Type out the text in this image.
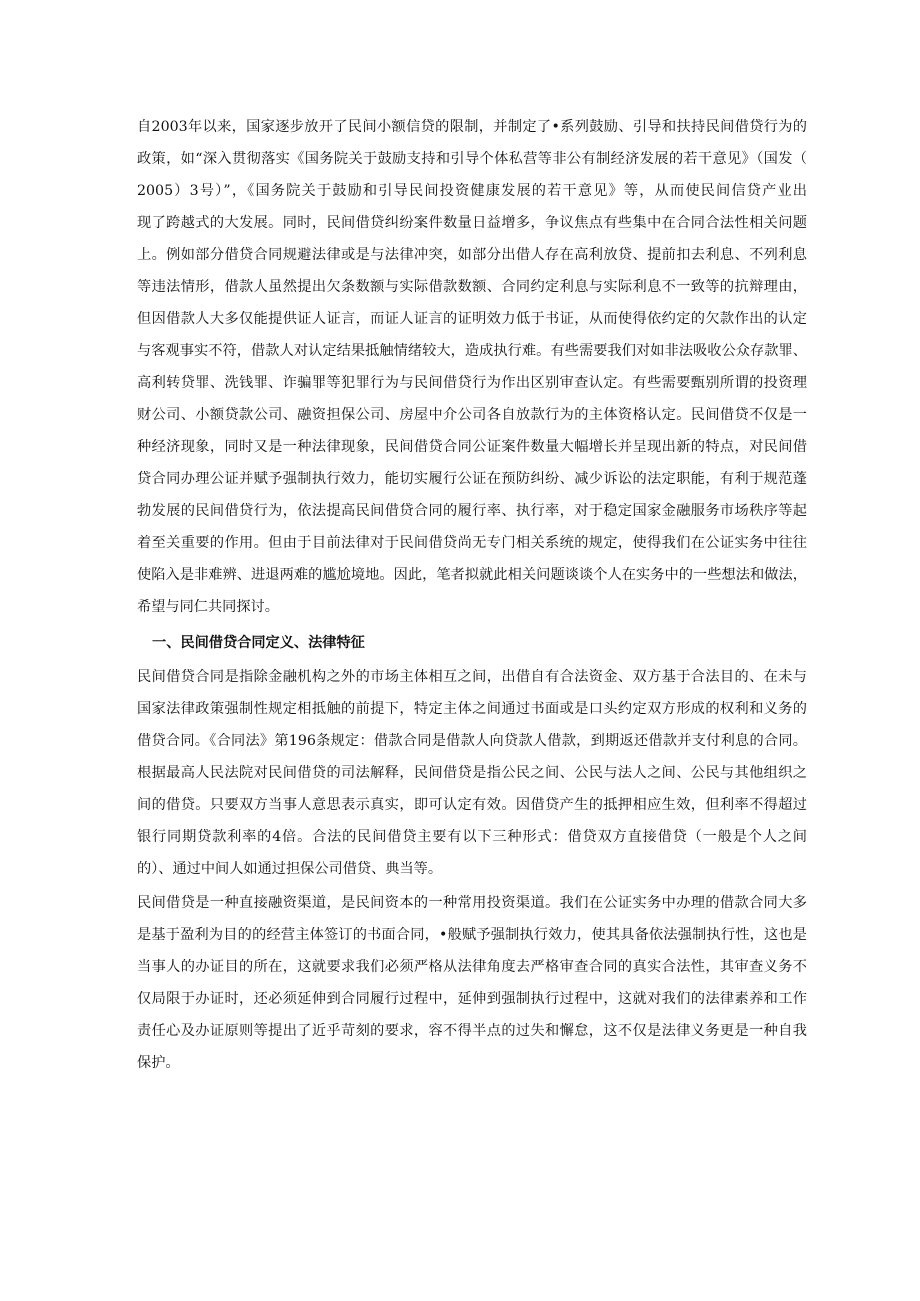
自2003年以来，国家逐步放开了民间小额信贷的限制，并制定了•系列鼓励、引导和扶持民间借贷行为的
政策，如“深入贯彻落实《国务院关于鼓励支持和引导个体私营等非公有制经济发展的若干意见》（国发（
2005）3号）”，《国务院关于鼓励和引导民间投资健康发展的若干意见》等，从而使民间信贷产业出
现了跨越式的大发展。同时，民间借贷纠纷案件数量日益增多，争议焦点有些集中在合同合法性相关问题
上。例如部分借贷合同规避法律或是与法律冲突，如部分出借人存在高利放贷、提前扣去利息、不列利息
等违法情形，借款人虽然提出欠条数额与实际借款数额、合同约定利息与实际利息不一致等的抗辩理由，
但因借款人大多仅能提供证人证言，而证人证言的证明效力低于书证，从而使得依约定的欠款作出的认定
与客观事实不符，借款人对认定结果抵触情绪较大，造成执行难。有些需要我们对如非法吸收公众存款罪、
高利转贷罪、洗钱罪、诈骗罪等犯罪行为与民间借贷行为作出区别审查认定。有些需要甄别所谓的投资理
财公司、小额贷款公司、融资担保公司、房屋中介公司各自放款行为的主体资格认定。民间借贷不仅是一
种经济现象，同时又是一种法律现象，民间借贷合同公证案件数量大幅增长并呈现出新的特点，对民间借
贷合同办理公证并赋予强制执行效力，能切实履行公证在预防纠纷、减少诉讼的法定职能，有利于规范蓬
勃发展的民间借贷行为，依法提高民间借贷合同的履行率、执行率，对于稳定国家金融服务市场秩序等起
着至关重要的作用。但由于目前法律对于民间借贷尚无专门相关系统的规定，使得我们在公证实务中往往
使陷入是非难辨、进退两难的尴尬境地。因此，笔者拟就此相关问题谈谈个人在实务中的一些想法和做法，
希望与同仁共同探讨。
一、民间借贷合同定义、法律特征
民间借贷合同是指除金融机构之外的市场主体相互之间，出借自有合法资金、双方基于合法目的、在未与
国家法律政策强制性规定相抵触的前提下，特定主体之间通过书面或是口头约定双方形成的权利和义务的
借贷合同。《合同法》第196条规定：借款合同是借款人向贷款人借款，到期返还借款并支付利息的合同。
根据最高人民法院对民间借贷的司法解释，民间借贷是指公民之间、公民与法人之间、公民与其他组织之
间的借贷。只要双方当事人意思表示真实，即可认定有效。因借贷产生的抵押相应生效，但利率不得超过
银行同期贷款利率的4倍。合法的民间借贷主要有以下三种形式：借贷双方直接借贷（一般是个人之间
的）、通过中间人如通过担保公司借贷、典当等。
民间借贷是一种直接融资渠道，是民间资本的一种常用投资渠道。我们在公证实务中办理的借款合同大多
是基于盈利为目的的经营主体签订的书面合同，•般赋予强制执行效力，使其具备依法强制执行性，这也是
当事人的办证目的所在，这就要求我们必须严格从法律角度去严格审查合同的真实合法性，其审查义务不
仅局限于办证时，还必须延伸到合同履行过程中，延伸到强制执行过程中，这就对我们的法律素养和工作
责任心及办证原则等提出了近乎苛刻的要求，容不得半点的过失和懈怠，这不仅是法律义务更是一种自我
保护。
